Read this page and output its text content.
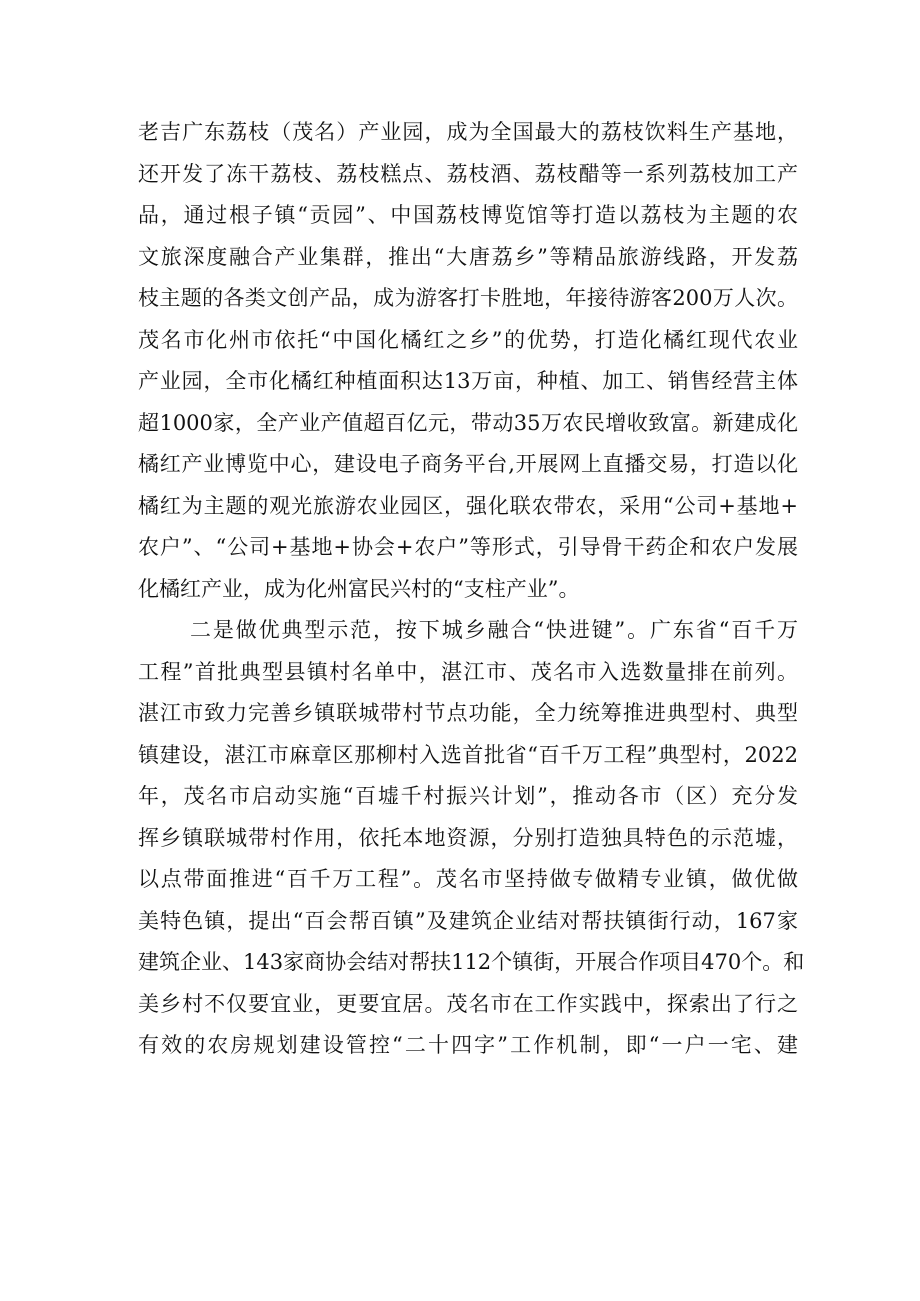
老吉广东荔枝（茂名）产业园，成为全国最大的荔枝饮料生产基地，
还开发了冻干荔枝、荔枝糕点、荔枝酒、荔枝醋等一系列荔枝加工产
品，通过根子镇“贡园”、中国荔枝博览馆等打造以荔枝为主题的农
文旅深度融合产业集群，推出“大唐荔乡”等精品旅游线路，开发荔
枝主题的各类文创产品，成为游客打卡胜地，年接待游客200万人次。
茂名市化州市依托“中国化橘红之乡”的优势，打造化橘红现代农业
产业园，全市化橘红种植面积达13万亩，种植、加工、销售经营主体
超1000家，全产业产值超百亿元，带动35万农民增收致富。新建成化
橘红产业博览中心，建设电子商务平台,开展网上直播交易，打造以化
橘红为主题的观光旅游农业园区，强化联农带农，采用“公司+基地+
农户”、“公司+基地+协会+农户”等形式，引导骨干药企和农户发展
化橘红产业，成为化州富民兴村的“支柱产业”。
二是做优典型示范，按下城乡融合“快进键”。广东省“百千万
工程”首批典型县镇村名单中，湛江市、茂名市入选数量排在前列。
湛江市致力完善乡镇联城带村节点功能，全力统筹推进典型村、典型
镇建设，湛江市麻章区那柳村入选首批省“百千万工程”典型村，2022
年，茂名市启动实施“百墟千村振兴计划”，推动各市（区）充分发
挥乡镇联城带村作用，依托本地资源，分别打造独具特色的示范墟，
以点带面推进“百千万工程”。茂名市坚持做专做精专业镇，做优做
美特色镇，提出“百会帮百镇”及建筑企业结对帮扶镇街行动，167家
建筑企业、143家商协会结对帮扶112个镇街，开展合作项目470个。和
美乡村不仅要宜业，更要宜居。茂名市在工作实践中，探索出了行之
有效的农房规划建设管控“二十四字”工作机制，即“一户一宅、建
